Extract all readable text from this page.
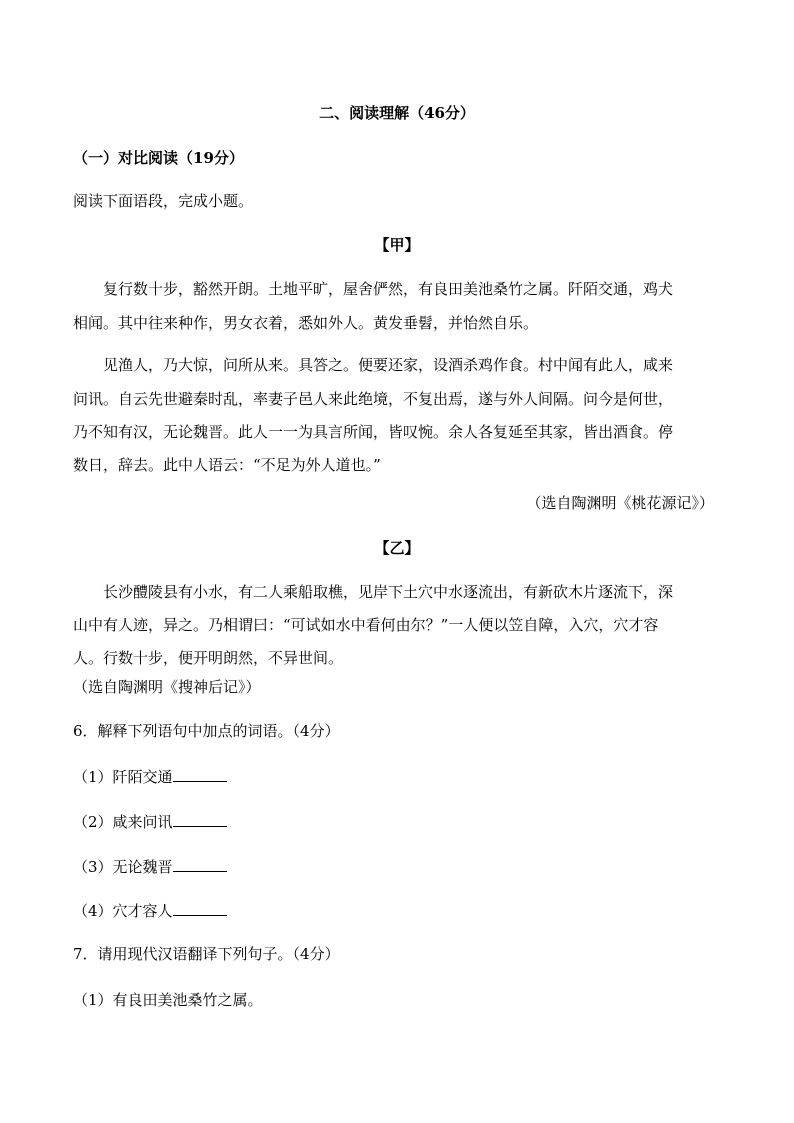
二、阅读理解（46分）
（一）对比阅读（19分）
阅读下面语段，完成小题。
【甲】
复行数十步，豁然开朗。土地平旷，屋舍俨然，有良田美池桑竹之属。阡陌交通，鸡犬
相闻。其中往来种作，男女衣着，悉如外人。黄发垂髫，并怡然自乐。
见渔人，乃大惊，问所从来。具答之。便要还家，设酒杀鸡作食。村中闻有此人，咸来
问讯。自云先世避秦时乱，率妻子邑人来此绝境，不复出焉，遂与外人间隔。问今是何世，
乃不知有汉，无论魏晋。此人一一为具言所闻，皆叹惋。余人各复延至其家，皆出酒食。停
数日，辞去。此中人语云：“不足为外人道也。”
（选自陶渊明《桃花源记》）
【乙】
长沙醴陵县有小水，有二人乘船取樵，见岸下土穴中水逐流出，有新砍木片逐流下，深
山中有人迹，异之。乃相谓曰：“可试如水中看何由尔？”一人便以笠自障，入穴，穴才容
人。行数十步，便开明朗然，不异世间。
（选自陶渊明《搜神后记》）
6．解释下列语句中加点的词语。（4分）
（1）阡陌交通
（2）咸来问讯
（3）无论魏晋
（4）穴才容人
7．请用现代汉语翻译下列句子。（4分）
（1）有良田美池桑竹之属。
